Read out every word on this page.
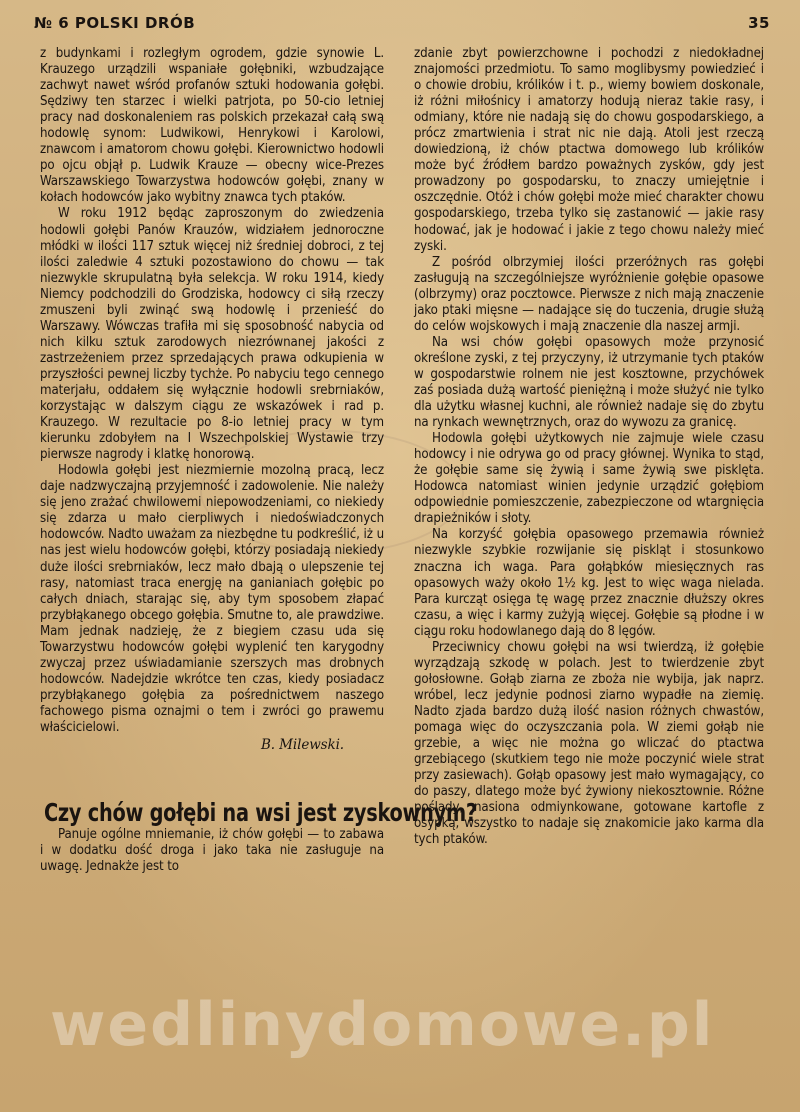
№ 6 POLSKI DRÓB	35

z budynkami i rozległym ogrodem, gdzie synowie L. Krauzego urządzili wspaniałe gołębniki, wzbudzające zachwyt nawet wśród profanów sztuki hodowania gołębi. Sędziwy ten starzec i wielki patrjota, po 50-cio letniej pracy nad doskonaleniem ras polskich przekazał całą swą hodowlę synom: Ludwikowi, Henrykowi i Karolowi, znawcom i amatorom chowu gołębi. Kierownictwo hodowli po ojcu objął p. Ludwik Krauze — obecny wice-Prezes Warszawskiego Towarzystwa hodowców gołębi, znany w kołach hodowców jako wybitny znawca tych ptaków.

W roku 1912 będąc zaproszonym do zwiedzenia hodowli gołębi Panów Krauzów, widziałem jednoroczne młódki w ilości 117 sztuk więcej niż średniej dobroci, z tej ilości zaledwie 4 sztuki pozostawiono do chowu — tak niezwykle skrupulatną była selekcja. W roku 1914, kiedy Niemcy podchodzili do Grodziska, hodowcy ci siłą rzeczy zmuszeni byli zwinąć swą hodowlę i przenieść do Warszawy. Wówczas trafiła mi się sposobność nabycia od nich kilku sztuk zarodowych niezrównanej jakości z zastrzeżeniem przez sprzedających prawa odkupienia w przyszłości pewnej liczby tychże. Po nabyciu tego cennego materjału, oddałem się wyłącznie hodowli srebrniaków, korzystając w dalszym ciągu ze wskazówek i rad p. Krauzego. W rezultacie po 8-io letniej pracy w tym kierunku zdobyłem na I Wszechpolskiej Wystawie trzy pierwsze nagrody i klatkę honorową.

Hodowla gołębi jest niezmiernie mozolną pracą, lecz daje nadzwyczajną przyjemność i zadowolenie. Nie należy się jeno zrażać chwilowemi niepowodzeniami, co niekiedy się zdarza u mało cierpliwych i niedoświadczonych hodowców. Nadto uważam za niezbędne tu podkreślić, iż u nas jest wielu hodowców gołębi, którzy posiadają niekiedy duże ilości srebrniaków, lecz mało dbają o ulepszenie tej rasy, natomiast traca energję na ganianiach gołębic po całych dniach, starając się, aby tym sposobem złapać przybłąkanego obcego gołębia. Smutne to, ale prawdziwe. Mam jednak nadzieję, że z biegiem czasu uda się Towarzystwu hodowców gołębi wyplenić ten karygodny zwyczaj przez uświadamianie szerszych mas drobnych hodowców. Nadejdzie wkrótce ten czas, kiedy posiadacz przybłąkanego gołębia za pośrednictwem naszego fachowego pisma oznajmi o tem i zwróci go prawemu właścicielowi.

B. Milewski.
Czy chów gołębi na wsi jest zyskownym?

Panuje ogólne mniemanie, iż chów gołębi — to zabawa i w dodatku dość droga i jako taka nie zasługuje na uwagę. Jednakże jest to

zdanie zbyt powierzchowne i pochodzi z niedokładnej znajomości przedmiotu. To samo moglibysmy powiedzieć i o chowie drobiu, królików i t. p., wiemy bowiem doskonale, iż różni miłośnicy i amatorzy hodują nieraz takie rasy, i odmiany, które nie nadają się do chowu gospodarskiego, a prócz zmartwienia i strat nic nie dają. Atoli jest rzeczą dowiedzioną, iż chów ptactwa domowego lub królików może być źródłem bardzo poważnych zysków, gdy jest prowadzony po gospodarsku, to znaczy umiejętnie i oszczędnie. Otóż i chów gołębi może mieć charakter chowu gospodarskiego, trzeba tylko się zastanowić — jakie rasy hodować, jak je hodować i jakie z tego chowu należy mieć zyski.

Z pośród olbrzymiej ilości przeróżnych ras gołębi zasługują na szczególniejsze wyróżnienie gołębie opasowe (olbrzymy) oraz pocztowce. Pierwsze z nich mają znaczenie jako ptaki mięsne — nadające się do tuczenia, drugie służą do celów wojskowych i mają znaczenie dla naszej armji.

Na wsi chów gołębi opasowych może przynosić określone zyski, z tej przyczyny, iż utrzymanie tych ptaków w gospodarstwie rolnem nie jest kosztowne, przychówek zaś posiada dużą wartość pieniężną i może służyć nie tylko dla użytku własnej kuchni, ale również nadaje się do zbytu na rynkach wewnętrznych, oraz do wywozu za granicę.

Hodowla gołębi użytkowych nie zajmuje wiele czasu hodowcy i nie odrywa go od pracy głównej. Wynika to stąd, że gołębie same się żywią i same żywią swe pisklęta. Hodowca natomiast winien jedynie urządzić gołębiom odpowiednie pomieszczenie, zabezpieczone od wtargnięcia drapieżników i słoty.

Na korzyść gołębia opasowego przemawia również niezwykle szybkie rozwijanie się piskląt i stosunkowo znaczna ich waga. Para gołąbków miesięcznych ras opasowych waży około 1½ kg. Jest to więc waga nielada. Para kurcząt osięga tę wagę przez znacznie dłuższy okres czasu, a więc i karmy zużyją więcej. Gołębie są płodne i w ciągu roku hodowlanego dają do 8 lęgów.

Przeciwnicy chowu gołębi na wsi twierdzą, iż gołębie wyrządzają szkodę w polach. Jest to twierdzenie zbyt gołosłowne. Gołąb ziarna ze zboża nie wybija, jak naprz. wróbel, lecz jedynie podnosi ziarno wypadłe na ziemię. Nadto zjada bardzo dużą ilość nasion różnych chwastów, pomaga więc do oczyszczania pola. W ziemi gołąb nie grzebie, a więc nie można go wliczać do ptactwa grzebiącego (skutkiem tego nie może poczynić wiele strat przy zasiewach). Gołąb opasowy jest mało wymagający, co do paszy, dlatego może być żywiony niekosztownie. Różne poślady, nasiona odmiynkowane, gotowane kartofle z osypką, wszystko to nadaje się znakomicie jako karma dla tych ptaków.

wedlinydomowe.pl
